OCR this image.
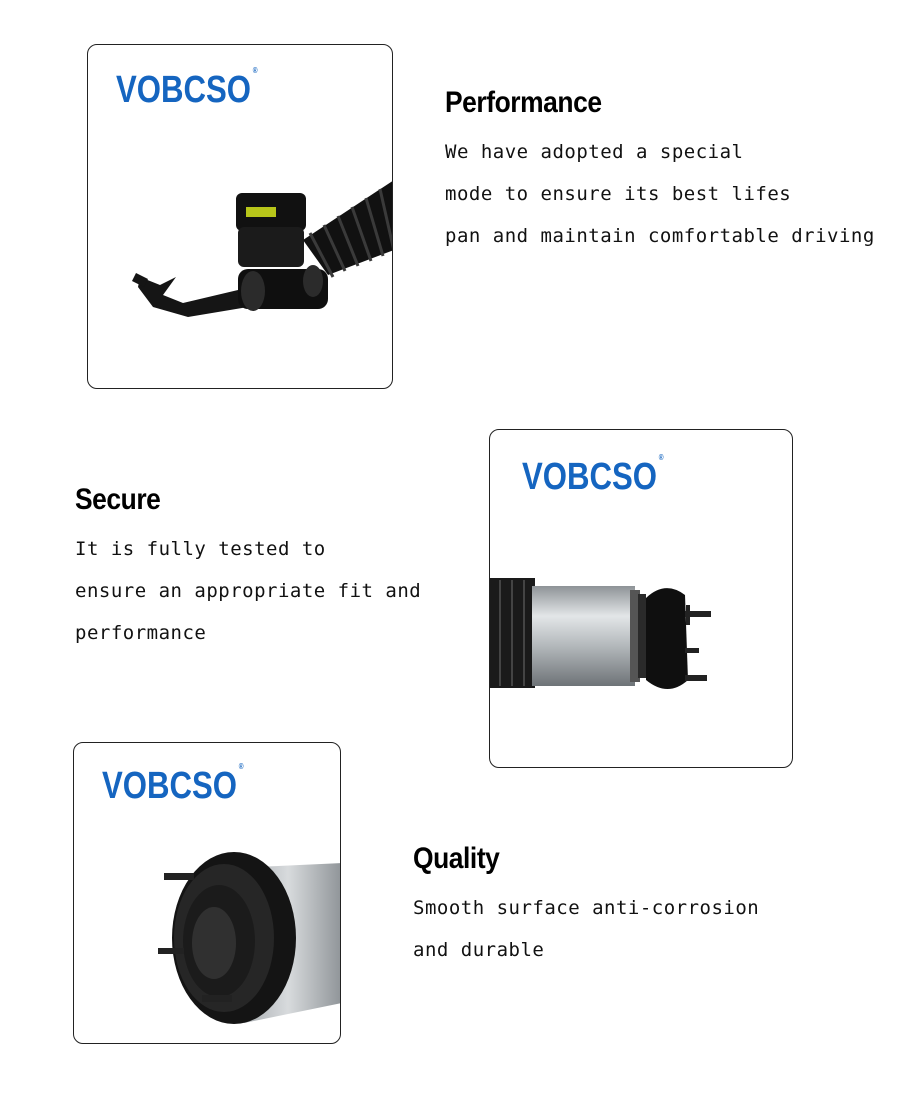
VOBCSO ®
Performance

We have adopted a special

mode to ensure its best lifes

pan and maintain comfortable driving

Secure

It is fully tested to

ensure an appropriate fit and

performance

VOBCSO ®
VOBCSO ®
Quality

Smooth surface anti-corrosion

and durable
